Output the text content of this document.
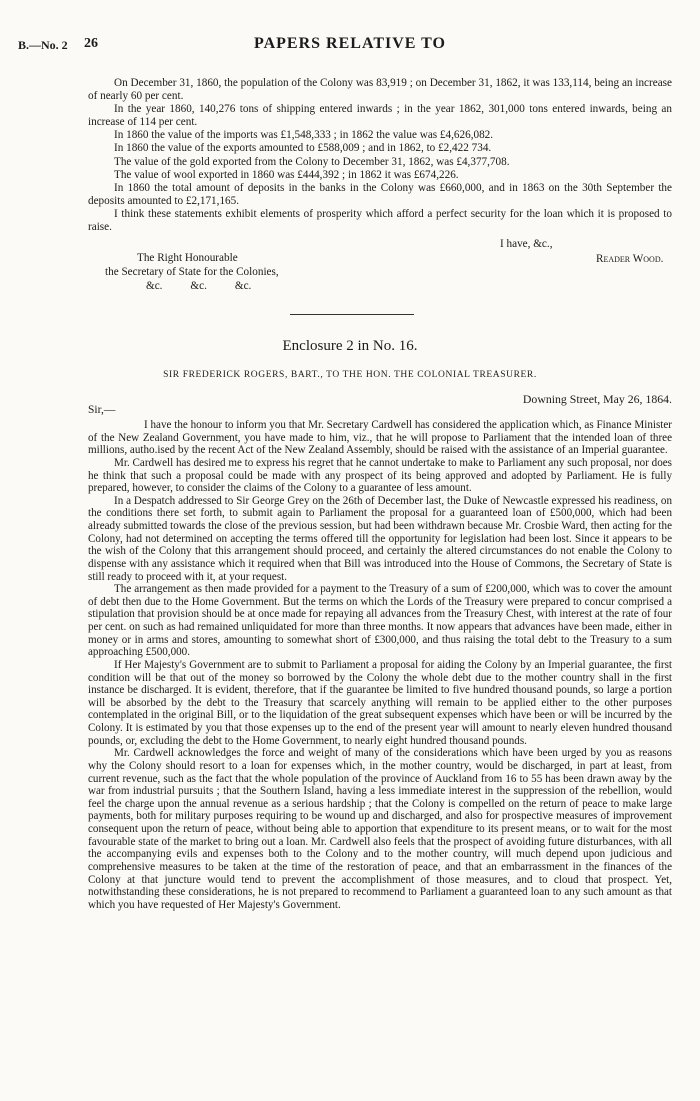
B.—No. 2 26	PAPERS RELATIVE TO

On December 31, 1860, the population of the Colony was 83,919 ; on December 31, 1862, it was 133,114, being an increase of nearly 60 per cent.

In the year 1860, 140,276 tons of shipping entered inwards ; in the year 1862, 301,000 tons entered inwards, being an increase of 114 per cent.

In 1860 the value of the imports was £1,548,333 ; in 1862 the value was £4,626,082.

In 1860 the value of the exports amounted to £588,009 ; and in 1862, to £2,422 734.

The value of the gold exported from the Colony to December 31, 1862, was £4,377,708.

The value of wool exported in 1860 was £444,392 ; in 1862 it was £674,226.

In 1860 the total amount of deposits in the banks in the Colony was £660,000, and in 1863 on the 30th September the deposits amounted to £2,171,165.

I think these statements exhibit elements of prosperity which afford a perfect security for the loan which it is proposed to raise.

I have, &c.,
Reader Wood.
The Right Honourable
the Secretary of State for the Colonies,
&c.          &c.          &c.
Enclosure 2 in No. 16.
SIR FREDERICK ROGERS, BART., TO THE HON. THE COLONIAL TREASURER.
Downing Street, May 26, 1864.
Sir,—

I have the honour to inform you that Mr. Secretary Cardwell has considered the application which, as Finance Minister of the New Zealand Government, you have made to him, viz., that he will propose to Parliament that the intended loan of three millions, autho.ised by the recent Act of the New Zealand Assembly, should be raised with the assistance of an Imperial guarantee.

Mr. Cardwell has desired me to express his regret that he cannot undertake to make to Parliament any such proposal, nor does he think that such a proposal could be made with any prospect of its being approved and adopted by Parliament. He is fully prepared, however, to consider the claims of the Colony to a guarantee of less amount.

In a Despatch addressed to Sir George Grey on the 26th of December last, the Duke of Newcastle expressed his readiness, on the conditions there set forth, to submit again to Parliament the proposal for a guaranteed loan of £500,000, which had been already submitted towards the close of the previous session, but had been withdrawn because Mr. Crosbie Ward, then acting for the Colony, had not determined on accepting the terms offered till the opportunity for legislation had been lost. Since it appears to be the wish of the Colony that this arrangement should proceed, and certainly the altered circumstances do not enable the Colony to dispense with any assistance which it required when that Bill was introduced into the House of Commons, the Secretary of State is still ready to proceed with it, at your request.

The arrangement as then made provided for a payment to the Treasury of a sum of £200,000, which was to cover the amount of debt then due to the Home Government. But the terms on which the Lords of the Treasury were prepared to concur comprised a stipulation that provision should be at once made for repaying all advances from the Treasury Chest, with interest at the rate of four per cent. on such as had remained unliquidated for more than three months. It now appears that advances have been made, either in money or in arms and stores, amounting to somewhat short of £300,000, and thus raising the total debt to the Treasury to a sum approaching £500,000.

If Her Majesty's Government are to submit to Parliament a proposal for aiding the Colony by an Imperial guarantee, the first condition will be that out of the money so borrowed by the Colony the whole debt due to the mother country shall in the first instance be discharged. It is evident, therefore, that if the guarantee be limited to five hundred thousand pounds, so large a portion will be absorbed by the debt to the Treasury that scarcely anything will remain to be applied either to the other purposes contemplated in the original Bill, or to the liquidation of the great subsequent expenses which have been or will be incurred by the Colony. It is estimated by you that those expenses up to the end of the present year will amount to nearly eleven hundred thousand pounds, or, excluding the debt to the Home Government, to nearly eight hundred thousand pounds.

Mr. Cardwell acknowledges the force and weight of many of the considerations which have been urged by you as reasons why the Colony should resort to a loan for expenses which, in the mother country, would be discharged, in part at least, from current revenue, such as the fact that the whole population of the province of Auckland from 16 to 55 has been drawn away by the war from industrial pursuits ; that the Southern Island, having a less immediate interest in the suppression of the rebellion, would feel the charge upon the annual revenue as a serious hardship ; that the Colony is compelled on the return of peace to make large payments, both for military purposes requiring to be wound up and discharged, and also for prospective measures of improvement consequent upon the return of peace, without being able to apportion that expenditure to its present means, or to wait for the most favourable state of the market to bring out a loan. Mr. Cardwell also feels that the prospect of avoiding future disturbances, with all the accompanying evils and expenses both to the Colony and to the mother country, will much depend upon judicious and comprehensive measures to be taken at the time of the restoration of peace, and that an embarrassment in the finances of the Colony at that juncture would tend to prevent the accomplishment of those measures, and to cloud that prospect. Yet, notwithstanding these considerations, he is not prepared to recommend to Parliament a guaranteed loan to any such amount as that which you have requested of Her Majesty's Government.
